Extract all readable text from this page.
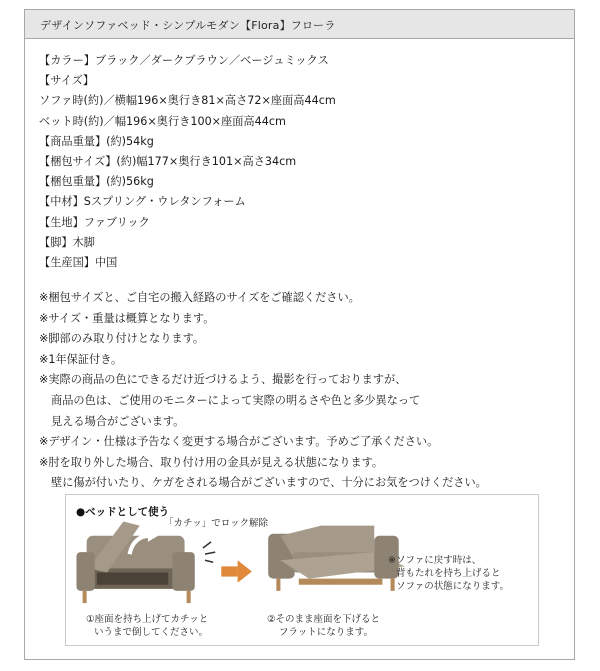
デザインソファベッド・シンプルモダン【Flora】フローラ
【カラー】ブラック／ダークブラウン／ベージュミックス
【サイズ】
ソファ時(約)／横幅196×奥行き81×高さ72×座面高44cm
ベット時(約)／幅196×奥行き100×座面高44cm
【商品重量】(約)54kg
【梱包サイズ】(約)幅177×奥行き101×高さ34cm
【梱包重量】(約)56kg
【中材】Sスプリング・ウレタンフォーム
【生地】ファブリック
【脚】木脚
【生産国】中国
※梱包サイズと、ご自宅の搬入経路のサイズをご確認ください。
※サイズ・重量は概算となります。
※脚部のみ取り付けとなります。
※1年保証付き。
※実際の商品の色にできるだけ近づけるよう、撮影を行っておりますが、
商品の色は、ご使用のモニターによって実際の明るさや色と多少異なって
見える場合がございます。
※デザイン・仕様は予告なく変更する場合がございます。予めご了承ください。
※肘を取り外した場合、取り付け用の金具が見える状態になります。
壁に傷が付いたり、ケガをされる場合がございますので、十分にお気をつけください。
●ベッドとして使う
「カチッ」でロック解除
①座面を持ち上げてカチッと
いうまで倒してください。
②そのまま座面を下げると
フラットになります。
※ソファに戻す時は、
背もたれを持ち上げると
ソファの状態になります。
